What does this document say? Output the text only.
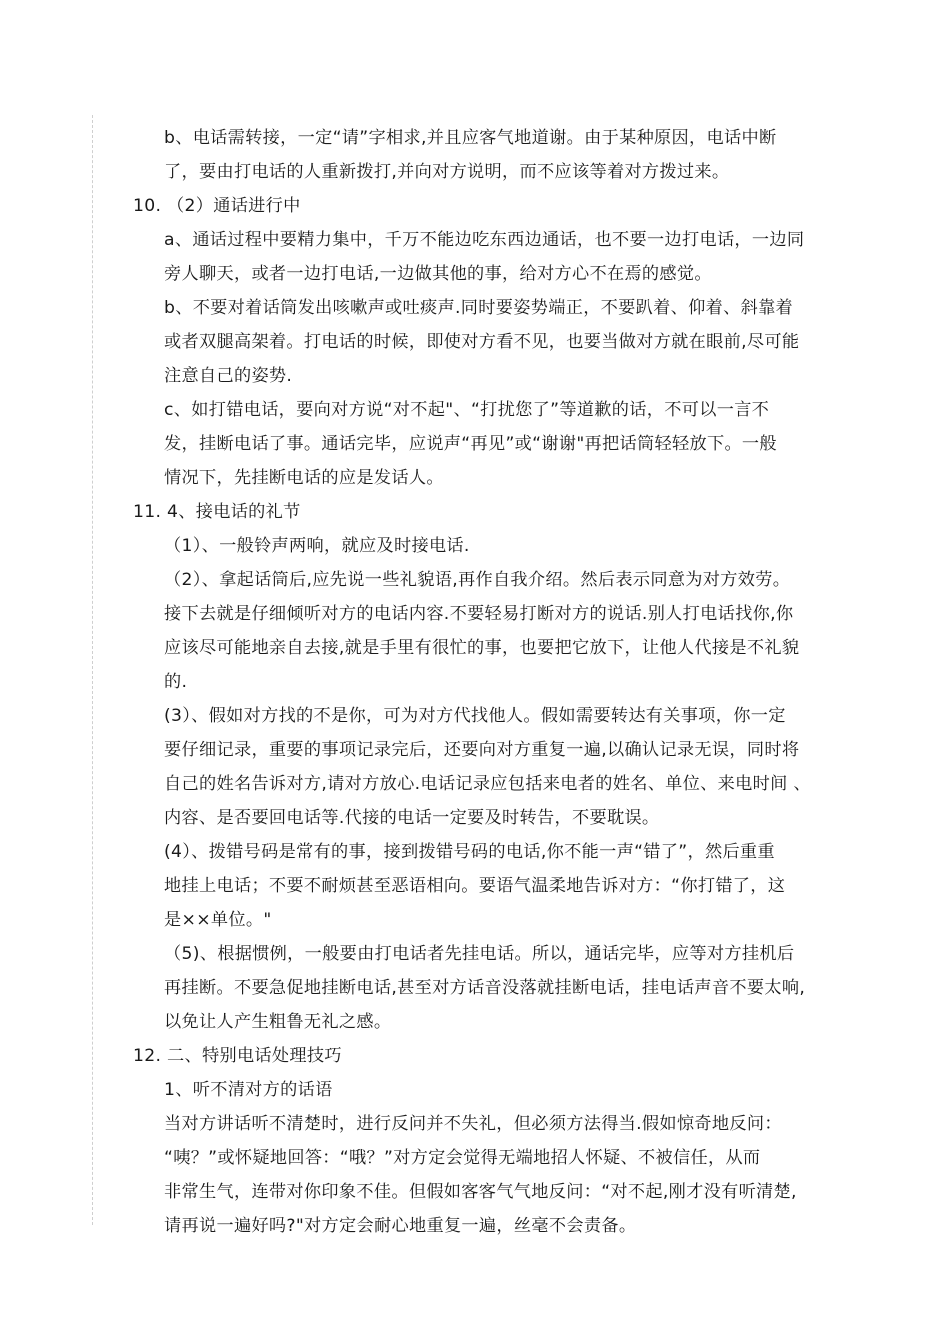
b、电话需转接，一定“请”字相求,并且应客气地道谢。由于某种原因，电话中断
了，要由打电话的人重新拨打,并向对方说明，而不应该等着对方拨过来。
10. （2）通话进行中
a、通话过程中要精力集中，千万不能边吃东西边通话，也不要一边打电话，一边同
旁人聊天，或者一边打电话,一边做其他的事，给对方心不在焉的感觉。
b、不要对着话筒发出咳嗽声或吐痰声.同时要姿势端正，不要趴着、仰着、斜靠着
或者双腿高架着。打电话的时候，即使对方看不见，也要当做对方就在眼前,尽可能
注意自己的姿势.
c、如打错电话，要向对方说“对不起"、“打扰您了”等道歉的话，不可以一言不
发，挂断电话了事。通话完毕，应说声“再见”或“谢谢"再把话筒轻轻放下。一般
情况下，先挂断电话的应是发话人。
11. 4、接电话的礼节
（1）、一般铃声两响，就应及时接电话.
（2）、拿起话筒后,应先说一些礼貌语,再作自我介绍。然后表示同意为对方效劳。
接下去就是仔细倾听对方的电话内容.不要轻易打断对方的说话.别人打电话找你,你
应该尽可能地亲自去接,就是手里有很忙的事，也要把它放下，让他人代接是不礼貌
的.
(3）、假如对方找的不是你，可为对方代找他人。假如需要转达有关事项，你一定
要仔细记录，重要的事项记录完后，还要向对方重复一遍,以确认记录无误，同时将
自己的姓名告诉对方,请对方放心.电话记录应包括来电者的姓名、单位、来电时间 、
内容、是否要回电话等.代接的电话一定要及时转告，不要耽误。
(4）、拨错号码是常有的事，接到拨错号码的电话,你不能一声“错了”，然后重重
地挂上电话；不要不耐烦甚至恶语相向。要语气温柔地告诉对方：“你打错了，这
是××单位。"
（5)、根据惯例，一般要由打电话者先挂电话。所以，通话完毕，应等对方挂机后
再挂断。不要急促地挂断电话,甚至对方话音没落就挂断电话，挂电话声音不要太响,
以免让人产生粗鲁无礼之感。
12. 二、特别电话处理技巧
1、听不清对方的话语
当对方讲话听不清楚时，进行反问并不失礼，但必须方法得当.假如惊奇地反问：
“咦？”或怀疑地回答：“哦？”对方定会觉得无端地招人怀疑、不被信任，从而
非常生气，连带对你印象不佳。但假如客客气气地反问：“对不起,刚才没有听清楚,
请再说一遍好吗?"对方定会耐心地重复一遍，丝毫不会责备。
